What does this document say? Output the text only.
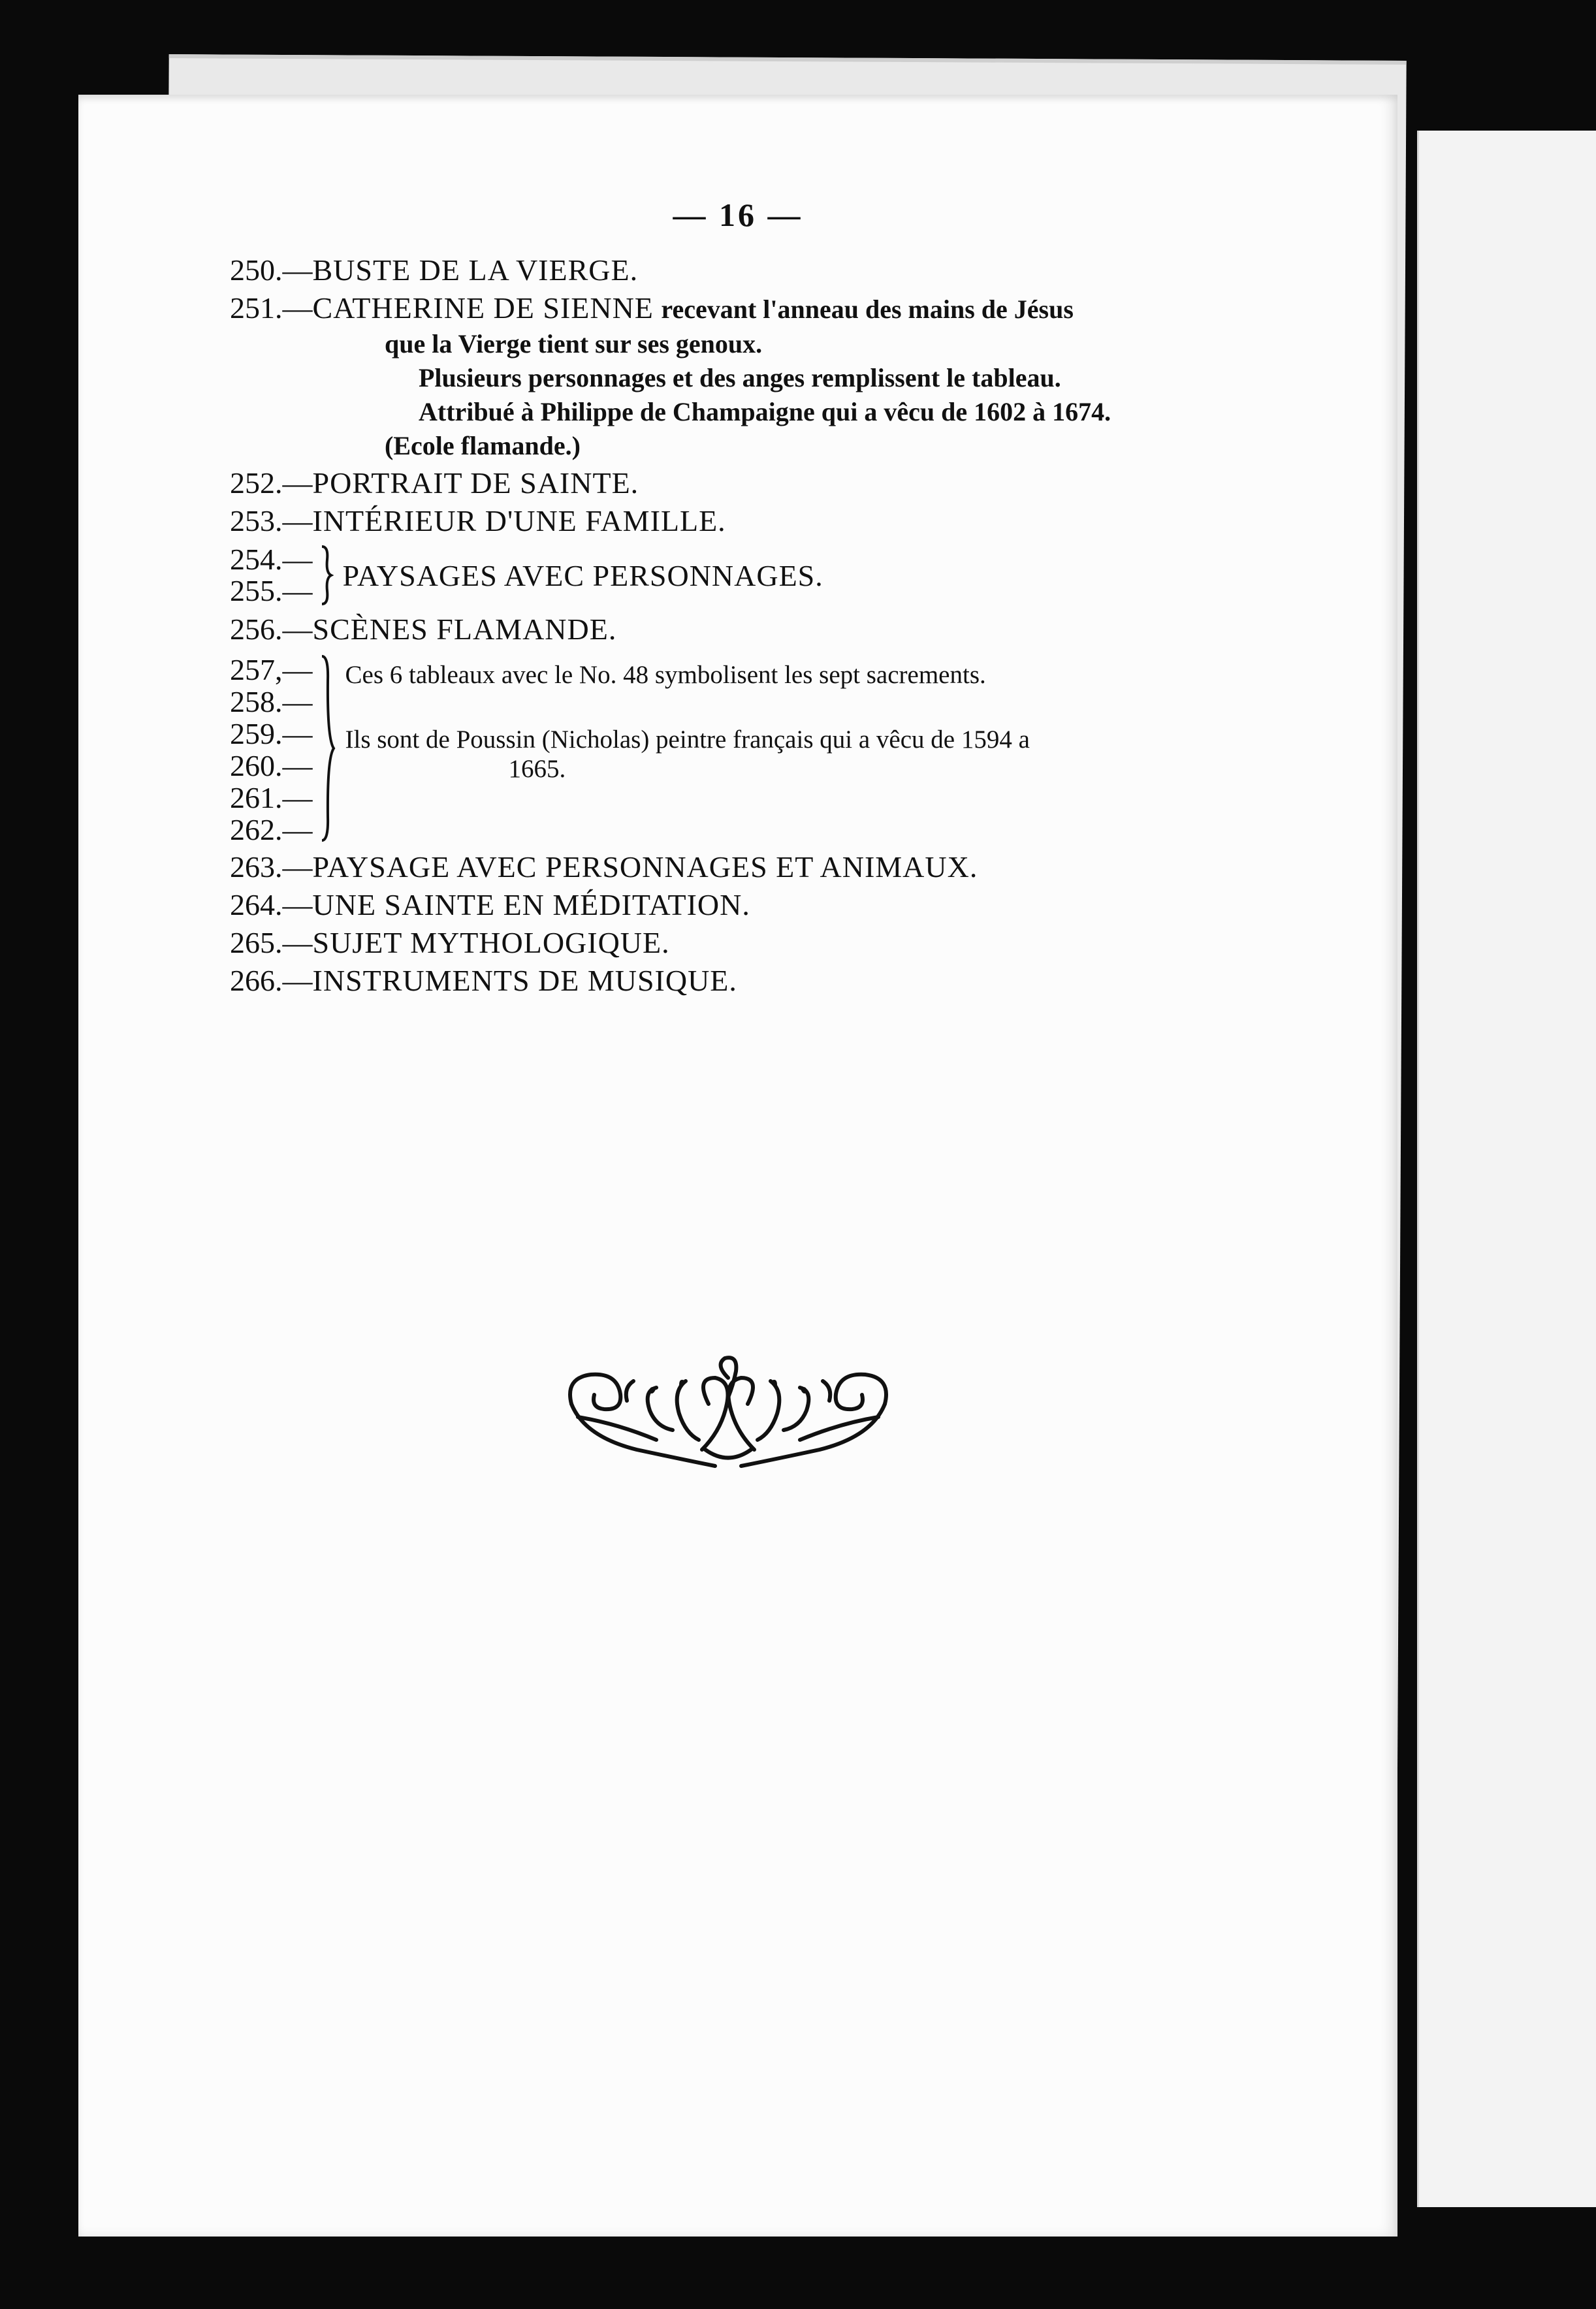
— 16 —
250.—BUSTE DE LA VIERGE.
251.—CATHERINE DE SIENNE recevant l'anneau des mains de Jésus
que la Vierge tient sur ses genoux.
Plusieurs personnages et des anges remplissent le tableau.
Attribué à Philippe de Champaigne qui a vêcu de 1602 à 1674.
(Ecole flamande.)
252.—PORTRAIT DE SAINTE.
253.—INTÉRIEUR D'UNE FAMILLE.
254.—
255.— PAYSAGES AVEC PERSONNAGES.
256.—SCÈNES FLAMANDE.
257,—
258.—
259.—
260.—
261.—
262.—
Ces 6 tableaux avec le No. 48 symbolisent les sept sacrements.
Ils sont de Poussin (Nicholas) peintre français qui a vêcu de 1594 a
1665.
263.—PAYSAGE AVEC PERSONNAGES ET ANIMAUX.
264.—UNE SAINTE EN MÉDITATION.
265.—SUJET MYTHOLOGIQUE.
266.—INSTRUMENTS DE MUSIQUE.
